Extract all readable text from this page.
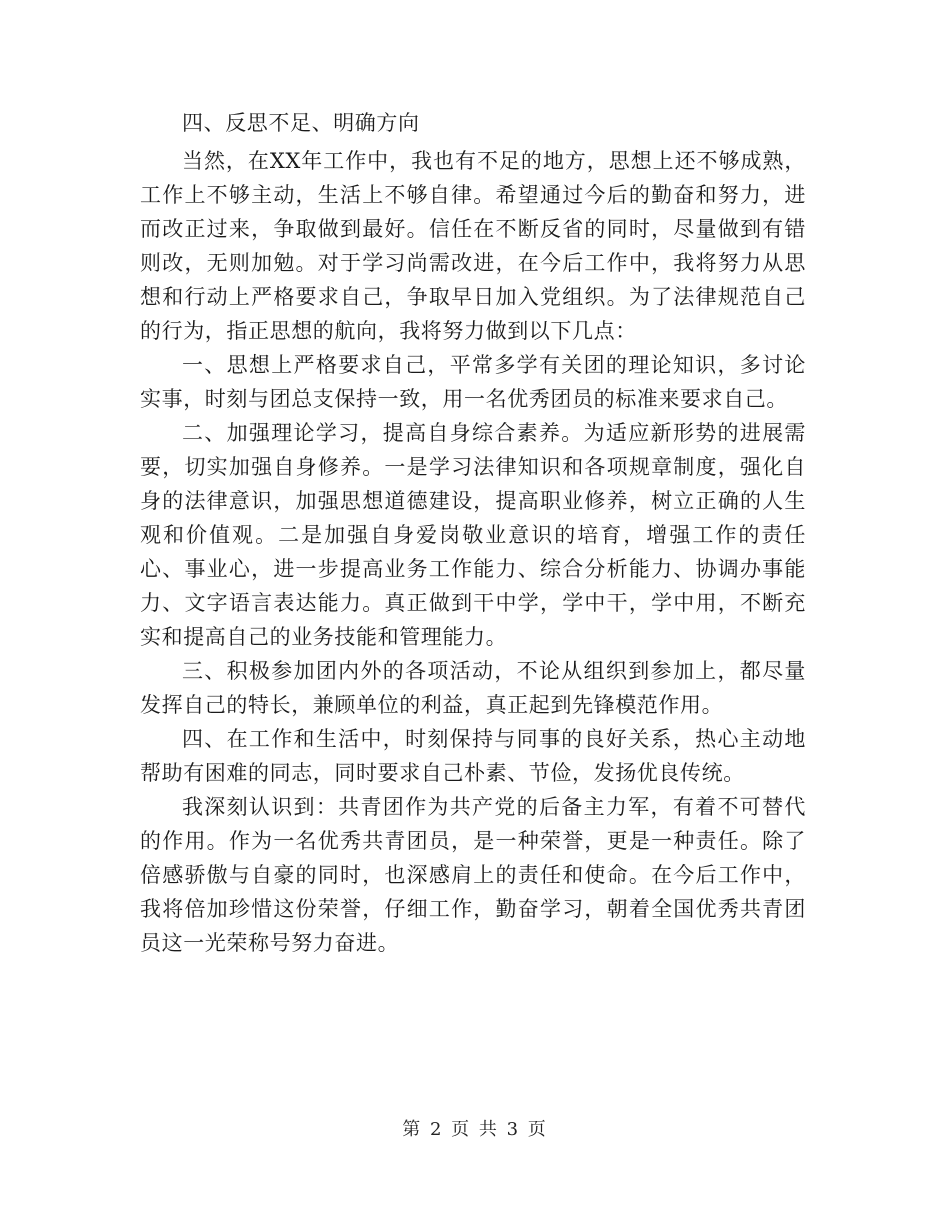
四、反思不足、明确方向

当然，在XX年工作中，我也有不足的地方，思想上还不够成熟，工作上不够主动，生活上不够自律。希望通过今后的勤奋和努力，进而改正过来，争取做到最好。信任在不断反省的同时，尽量做到有错则改，无则加勉。对于学习尚需改进，在今后工作中，我将努力从思想和行动上严格要求自己，争取早日加入党组织。为了法律规范自己的行为，指正思想的航向，我将努力做到以下几点：

一、思想上严格要求自己，平常多学有关团的理论知识，多讨论实事，时刻与团总支保持一致，用一名优秀团员的标准来要求自己。

二、加强理论学习，提高自身综合素养。为适应新形势的进展需要，切实加强自身修养。一是学习法律知识和各项规章制度，强化自身的法律意识，加强思想道德建设，提高职业修养，树立正确的人生观和价值观。二是加强自身爱岗敬业意识的培育，增强工作的责任心、事业心，进一步提高业务工作能力、综合分析能力、协调办事能力、文字语言表达能力。真正做到干中学，学中干，学中用，不断充实和提高自己的业务技能和管理能力。

三、积极参加团内外的各项活动，不论从组织到参加上，都尽量发挥自己的特长，兼顾单位的利益，真正起到先锋模范作用。

四、在工作和生活中，时刻保持与同事的良好关系，热心主动地帮助有困难的同志，同时要求自己朴素、节俭，发扬优良传统。

我深刻认识到：共青团作为共产党的后备主力军，有着不可替代的作用。作为一名优秀共青团员，是一种荣誉，更是一种责任。除了倍感骄傲与自豪的同时，也深感肩上的责任和使命。在今后工作中，我将倍加珍惜这份荣誉，仔细工作，勤奋学习，朝着全国优秀共青团员这一光荣称号努力奋进。

第 2 页 共 3 页
